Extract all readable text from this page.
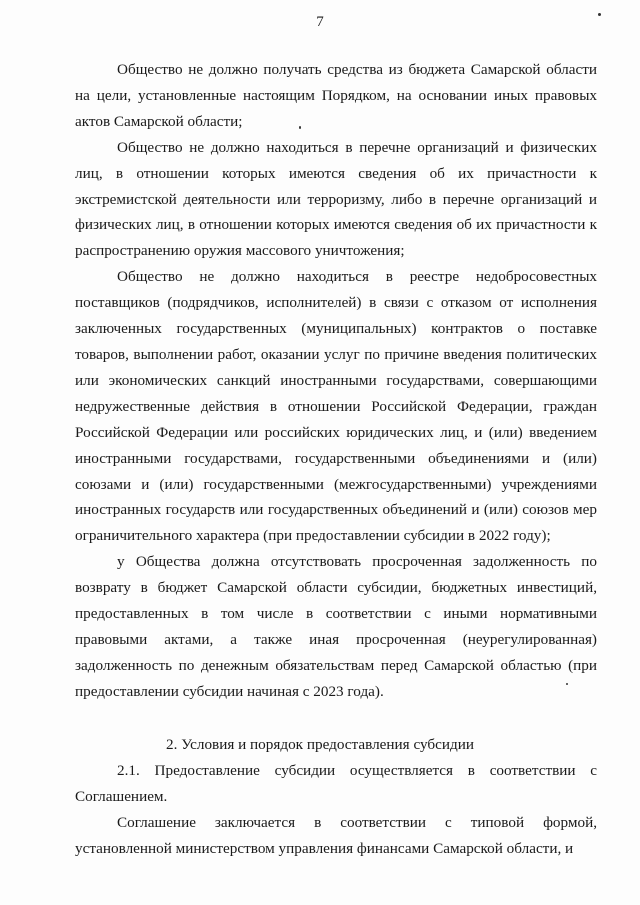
7

Общество не должно получать средства из бюджета Самарской области на цели, установленные настоящим Порядком, на основании иных правовых актов Самарской области;

Общество не должно находиться в перечне организаций и физических лиц, в отношении которых имеются сведения об их причастности к экстремистской деятельности или терроризму, либо в перечне организаций и физических лиц, в отношении которых имеются сведения об их причастности к распространению оружия массового уничтожения;

Общество не должно находиться в реестре недобросовестных поставщиков (подрядчиков, исполнителей) в связи с отказом от исполнения заключенных государственных (муниципальных) контрактов о поставке товаров, выполнении работ, оказании услуг по причине введения политических или экономических санкций иностранными государствами, совершающими недружественные действия в отношении Российской Федерации, граждан Российской Федерации или российских юридических лиц, и (или) введением иностранными государствами, государственными объединениями и (или) союзами и (или) государственными (межгосударственными) учреждениями иностранных государств или государственных объединений и (или) союзов мер ограничительного характера (при предоставлении субсидии в 2022 году);

у Общества должна отсутствовать просроченная задолженность по возврату в бюджет Самарской области субсидии, бюджетных инвестиций, предоставленных в том числе в соответствии с иными нормативными правовыми актами, а также иная просроченная (неурегулированная) задолженность по денежным обязательствам перед Самарской областью (при предоставлении субсидии начиная с 2023 года).

2. Условия и порядок предоставления субсидии

2.1. Предоставление субсидии осуществляется в соответствии с Соглашением.

Соглашение заключается в соответствии с типовой формой, установленной министерством управления финансами Самарской области, и
